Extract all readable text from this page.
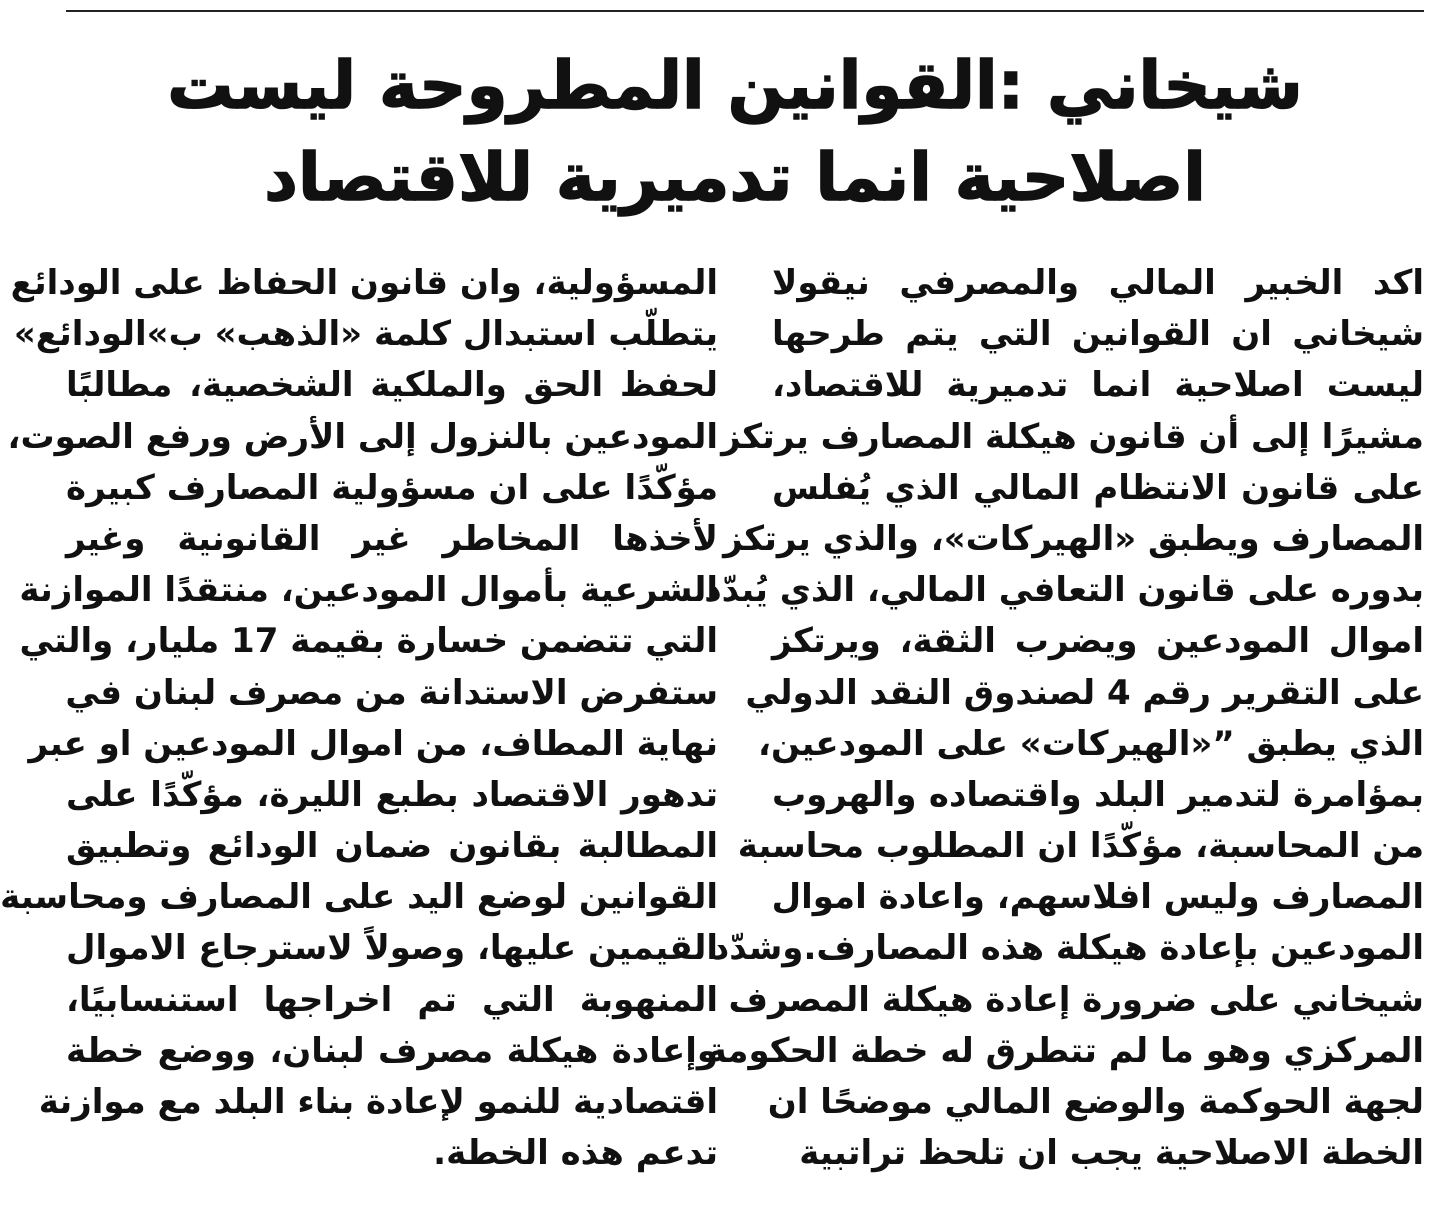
شيخاني :القوانين المطروحة ليست
اصلاحية انما تدميرية للاقتصاد
اكد الخبير المالي والمصرفي نيقولا
شيخاني ان القوانين التي يتم طرحها
ليست اصلاحية انما تدميرية للاقتصاد،
مشيرًا إلى أن قانون هيكلة المصارف يرتكز
على قانون الانتظام المالي الذي يُفلس
المصارف ويطبق «الهيركات»، والذي يرتكز
بدوره على قانون التعافي المالي، الذي يُبدّد
اموال المودعين ويضرب الثقة، ويرتكز
على التقرير رقم 4 لصندوق النقد الدولي
الذي يطبق ”«الهيركات» على المودعين،
بمؤامرة لتدمير البلد واقتصاده والهروب
من المحاسبة، مؤكّدًا ان المطلوب محاسبة
المصارف وليس افلاسهم، واعادة اموال
المودعين بإعادة هيكلة هذه المصارف.وشدّد
شيخاني على ضرورة إعادة هيكلة المصرف
المركزي وهو ما لم تتطرق له خطة الحكومة
لجهة الحوكمة والوضع المالي موضحًا ان
الخطة الاصلاحية يجب ان تلحظ تراتبية
المسؤولية، وان قانون الحفاظ على الودائع
يتطلّب استبدال كلمة «الذهب» ب»الودائع»
لحفظ الحق والملكية الشخصية، مطالبًا
المودعين بالنزول إلى الأرض ورفع الصوت،
مؤكّدًا على ان مسؤولية المصارف كبيرة
لأخذها المخاطر غير القانونية وغير
الشرعية بأموال المودعين، منتقدًا الموازنة
التي تتضمن خسارة بقيمة 17 مليار، والتي
ستفرض الاستدانة من مصرف لبنان في
نهاية المطاف، من اموال المودعين او عبر
تدهور الاقتصاد بطبع الليرة، مؤكّدًا على
المطالبة بقانون ضمان الودائع وتطبيق
القوانين لوضع اليد على المصارف ومحاسبة
القيمين عليها، وصولاً لاسترجاع الاموال
المنهوبة التي تم اخراجها استنسابيًا،
وإعادة هيكلة مصرف لبنان، ووضع خطة
اقتصادية للنمو لإعادة بناء البلد مع موازنة
تدعم هذه الخطة.
